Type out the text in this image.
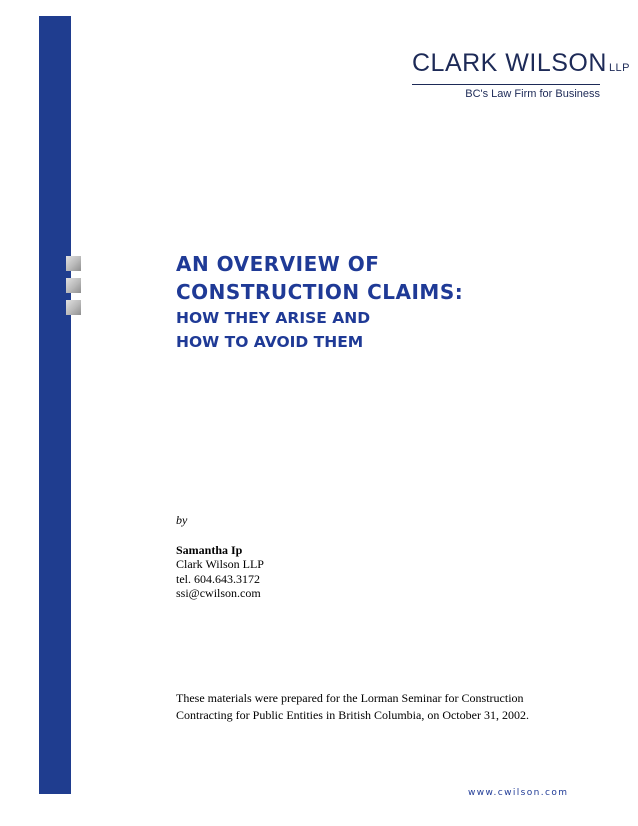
CLARK WILSON LLP
BC's Law Firm for Business
AN OVERVIEW OF
CONSTRUCTION CLAIMS:
HOW THEY ARISE AND
HOW TO AVOID THEM
by
Samantha Ip
Clark Wilson LLP
tel. 604.643.3172
ssi@cwilson.com
These materials were prepared for the Lorman Seminar for Construction
Contracting for Public Entities in British Columbia, on October 31, 2002.
www.cwilson.com
